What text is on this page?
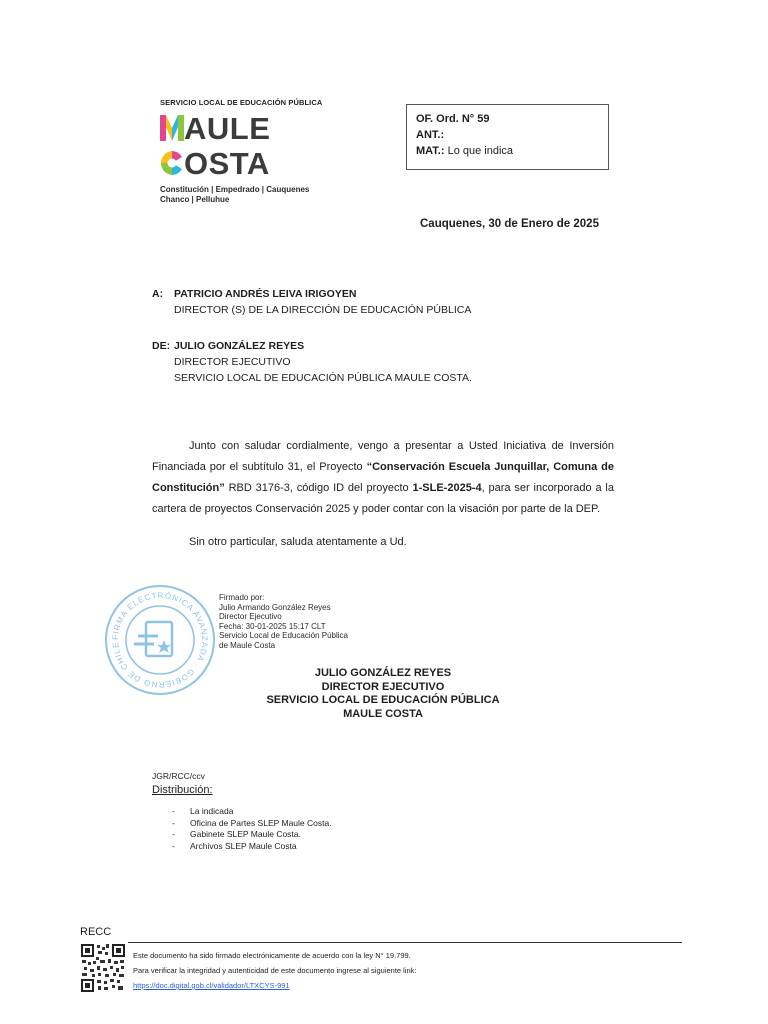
SERVICIO LOCAL DE EDUCACIÓN PÚBLICA
AULE
OSTA
Constitución | Empedrado | Cauquenes
Chanco | Pelluhue
OF. Ord. N° 59
ANT.:
MAT.: Lo que indica
Cauquenes, 30 de Enero de 2025
A: PATRICIO ANDRÉS LEIVA IRIGOYEN
DIRECTOR (S) DE LA DIRECCIÓN DE EDUCACIÓN PÚBLICA
DE: JULIO GONZÁLEZ REYES
DIRECTOR EJECUTIVO
SERVICIO LOCAL DE EDUCACIÓN PÚBLICA MAULE COSTA.

Junto con saludar cordialmente, vengo a presentar a Usted Iniciativa de Inversión Financiada por el subtítulo 31, el Proyecto “Conservación Escuela Junquillar, Comuna de Constitución” RBD 3176-3, código ID del proyecto 1-SLE-2025-4, para ser incorporado a la cartera de proyectos Conservación 2025 y poder contar con la visación por parte de la DEP.

Sin otro particular, saluda atentamente a Ud.
FIRMA ELECTRÓNICA AVANZADA · GOBIERNO DE CHILE
Firmado por:
Julio Armando González Reyes
Director Ejecutivo
Fecha: 30-01-2025 15:17 CLT
Servicio Local de Educación Pública
de Maule Costa
JULIO GONZÁLEZ REYES
DIRECTOR EJECUTIVO
SERVICIO LOCAL DE EDUCACIÓN PÚBLICA
MAULE COSTA
JGR/RCC/ccv
Distribución:
- La indicada
- Oficina de Partes SLEP Maule Costa.
- Gabinete SLEP Maule Costa.
- Archivos SLEP Maule Costa
RECC
Este documento ha sido firmado electrónicamente de acuerdo con la ley N° 19.799.
Para verificar la integridad y autenticidad de este documento ingrese al siguiente link:
https://doc.digital.gob.cl/validador/LTXCYS-991
